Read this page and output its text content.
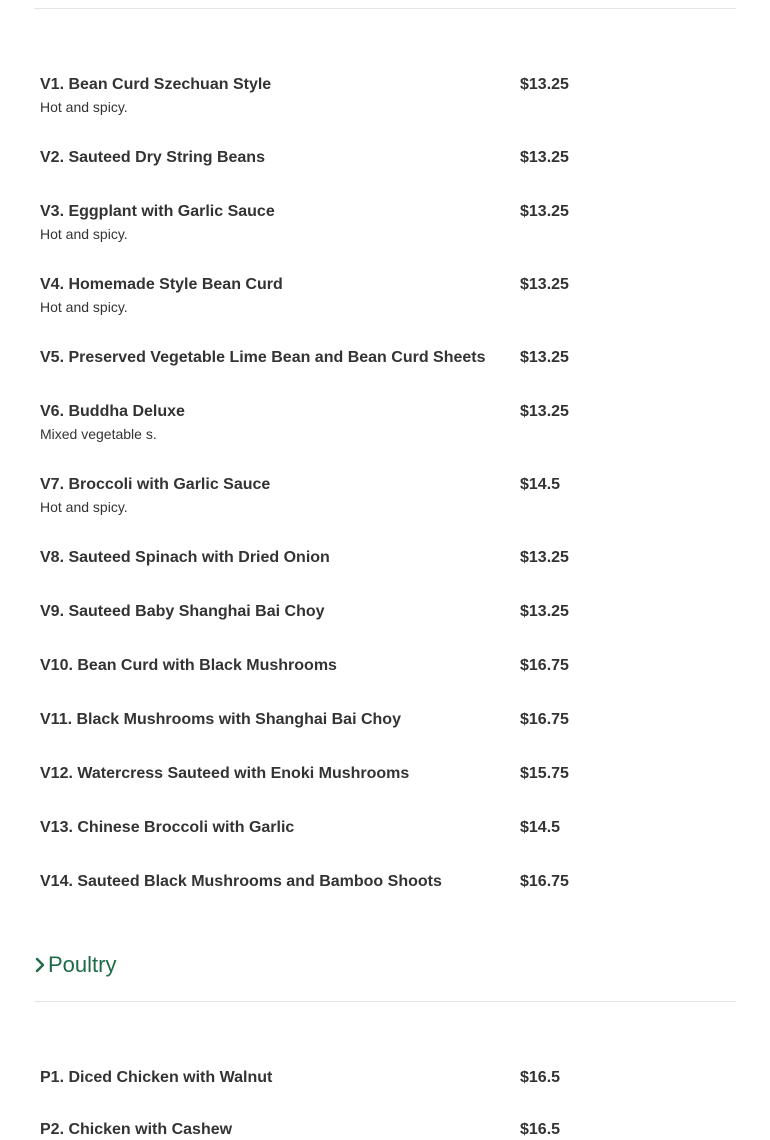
V1. Bean Curd Szechuan Style	$13.25
Hot and spicy.
V2. Sauteed Dry String Beans	$13.25
V3. Eggplant with Garlic Sauce	$13.25
Hot and spicy.
V4. Homemade Style Bean Curd	$13.25
Hot and spicy.
V5. Preserved Vegetable Lime Bean and Bean Curd Sheets $13.25
V6. Buddha Deluxe	$13.25
Mixed vegetable s.
V7. Broccoli with Garlic Sauce	$14.5
Hot and spicy.
V8. Sauteed Spinach with Dried Onion	$13.25
V9. Sauteed Baby Shanghai Bai Choy	$13.25
V10. Bean Curd with Black Mushrooms	$16.75
V11. Black Mushrooms with Shanghai Bai Choy	$16.75
V12. Watercress Sauteed with Enoki Mushrooms	$15.75
V13. Chinese Broccoli with Garlic	$14.5
V14. Sauteed Black Mushrooms and Bamboo Shoots	$16.75
Poultry
P1. Diced Chicken with Walnut	$16.5
P2. Chicken with Cashew	$16.5
